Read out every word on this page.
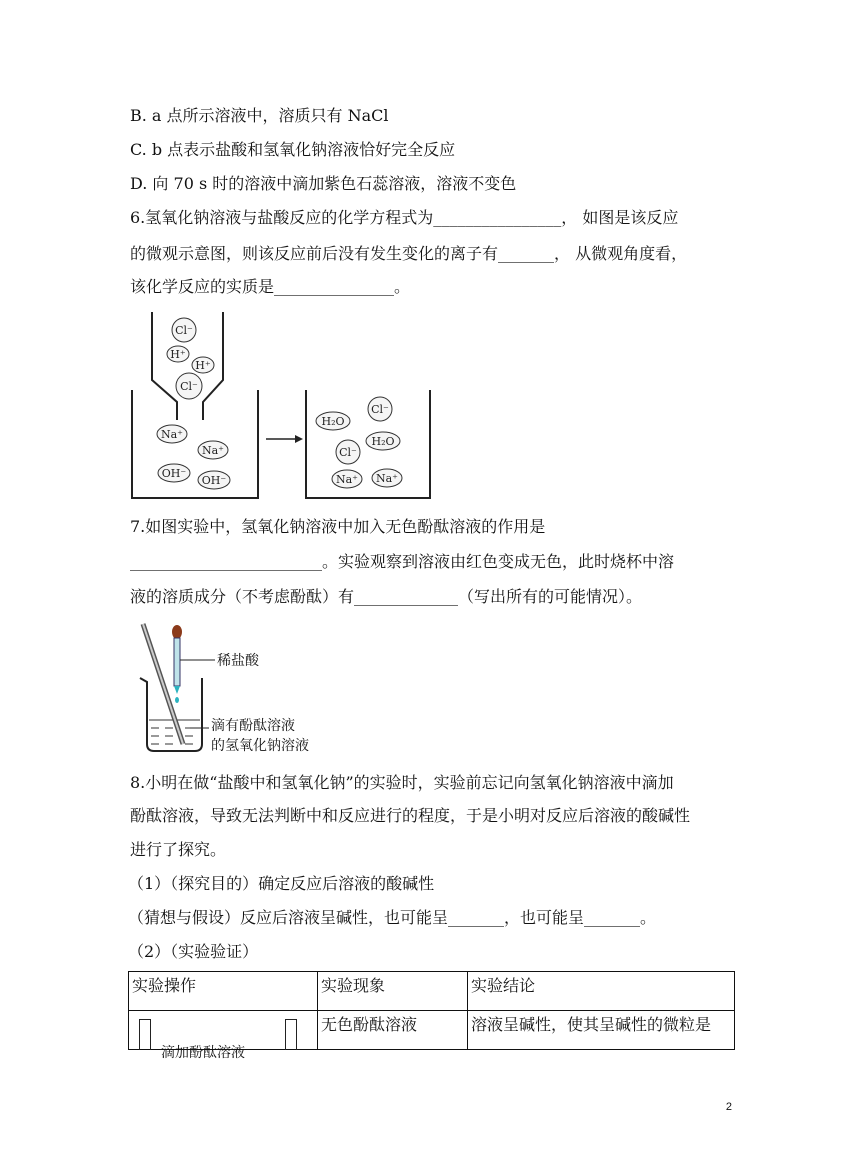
B. a 点所示溶液中，溶质只有 NaCl
C. b 点表示盐酸和氢氧化钠溶液恰好完全反应
D. 向 70 s 时的溶液中滴加紫色石蕊溶液，溶液不变色
6.氢氧化钠溶液与盐酸反应的化学方程式为________________， 如图是该反应
的微观示意图，则该反应前后没有发生变化的离子有_______， 从微观角度看，
该化学反应的实质是_______________。
Cl⁻
H⁺
H⁺
Cl⁻
Na⁺
Na⁺
OH⁻
OH⁻
H₂O
Cl⁻
H₂O
Cl⁻
Na⁺ Na⁺
7.如图实验中，氢氧化钠溶液中加入无色酚酞溶液的作用是
________________________。实验观察到溶液由红色变成无色，此时烧杯中溶
液的溶质成分（不考虑酚酞）有_____________（写出所有的可能情况）。
稀盐酸
滴有酚酞溶液
的氢氧化钠溶液
8.小明在做“盐酸中和氢氧化钠”的实验时，实验前忘记向氢氧化钠溶液中滴加
酚酞溶液，导致无法判断中和反应进行的程度，于是小明对反应后溶液的酸碱性
进行了探究。
（1）（探究目的）确定反应后溶液的酸碱性
（猜想与假设）反应后溶液呈碱性，也可能呈_______，也可能呈_______。
（2）（实验验证）
实验操作	实验现象	实验结论

滴加酚酞溶液	无色酚酞溶液	溶液呈碱性，使其呈碱性的微粒是
2
